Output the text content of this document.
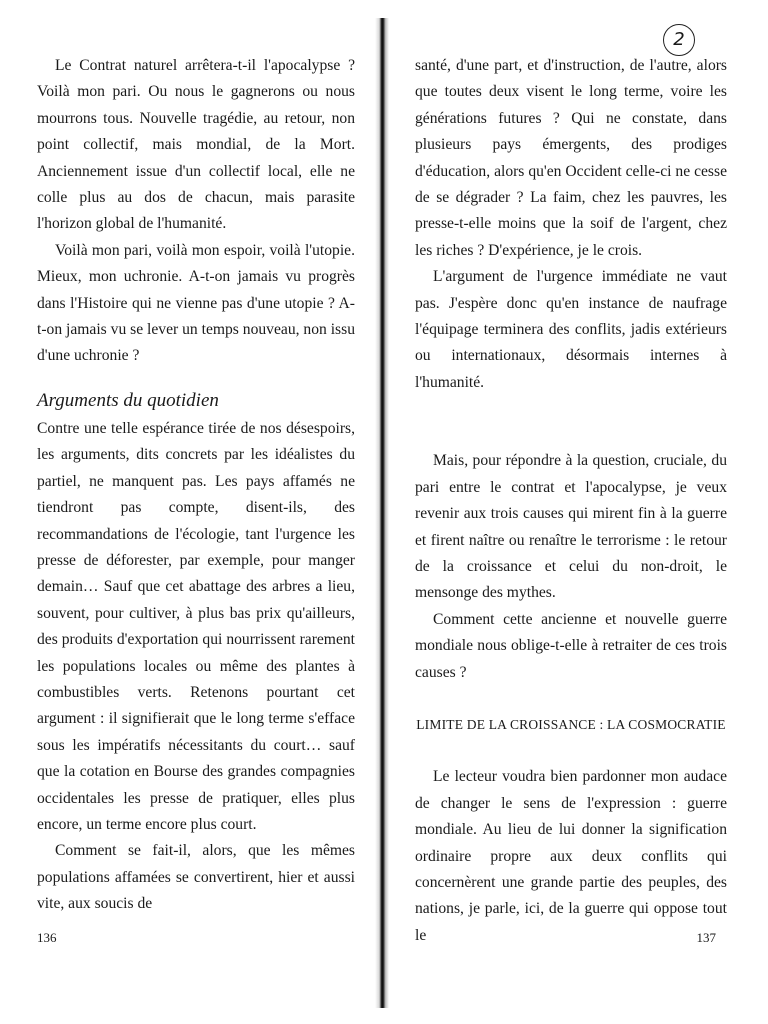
Le Contrat naturel arrêtera-t-il l'apocalypse ? Voilà mon pari. Ou nous le gagnerons ou nous mourrons tous. Nouvelle tragédie, au retour, non point collectif, mais mondial, de la Mort. Anciennement issue d'un collectif local, elle ne colle plus au dos de chacun, mais parasite l'horizon global de l'humanité.

Voilà mon pari, voilà mon espoir, voilà l'utopie. Mieux, mon uchronie. A-t-on jamais vu progrès dans l'Histoire qui ne vienne pas d'une utopie ? A-t-on jamais vu se lever un temps nouveau, non issu d'une uchronie ?

Arguments du quotidien

Contre une telle espérance tirée de nos désespoirs, les arguments, dits concrets par les idéalistes du partiel, ne manquent pas. Les pays affamés ne tiendront pas compte, disent-ils, des recommandations de l'écologie, tant l'urgence les presse de déforester, par exemple, pour manger demain… Sauf que cet abattage des arbres a lieu, souvent, pour cultiver, à plus bas prix qu'ailleurs, des produits d'exportation qui nourrissent rarement les populations locales ou même des plantes à combustibles verts. Retenons pourtant cet argument : il signifierait que le long terme s'efface sous les impératifs nécessitants du court… sauf que la cotation en Bourse des grandes compagnies occidentales les presse de pratiquer, elles plus encore, un terme encore plus court.

Comment se fait-il, alors, que les mêmes populations affamées se convertirent, hier et aussi vite, aux soucis de

136
2

santé, d'une part, et d'instruction, de l'autre, alors que toutes deux visent le long terme, voire les générations futures ? Qui ne constate, dans plusieurs pays émergents, des prodiges d'éducation, alors qu'en Occident celle-ci ne cesse de se dégrader ? La faim, chez les pauvres, les presse-t-elle moins que la soif de l'argent, chez les riches ? D'expérience, je le crois.

L'argument de l'urgence immédiate ne vaut pas. J'espère donc qu'en instance de naufrage l'équipage terminera des conflits, jadis extérieurs ou internationaux, désormais internes à l'humanité.

Mais, pour répondre à la question, cruciale, du pari entre le contrat et l'apocalypse, je veux revenir aux trois causes qui mirent fin à la guerre et firent naître ou renaître le terrorisme : le retour de la croissance et celui du non-droit, le mensonge des mythes.

Comment cette ancienne et nouvelle guerre mondiale nous oblige-t-elle à retraiter de ces trois causes ?

LIMITE DE LA CROISSANCE : LA COSMOCRATIE

Le lecteur voudra bien pardonner mon audace de changer le sens de l'expression : guerre mondiale. Au lieu de lui donner la signification ordinaire propre aux deux conflits qui concernèrent une grande partie des peuples, des nations, je parle, ici, de la guerre qui oppose tout le	137
